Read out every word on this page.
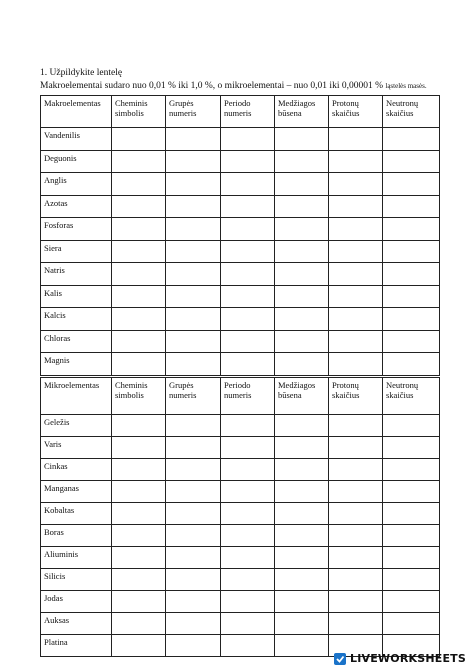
1. Užpildykite lentelę
Makroelementai sudaro nuo 0,01 % iki 1,0 %, o mikroelementai – nuo 0,01 iki 0,00001 % ląstelės masės.
Makroelementas	Cheminis simbolis	Grupės numeris	Periodo numeris	Medžiagos būsena	Protonų skaičius	Neutronų skaičius
Vandenilis						
Deguonis						
Anglis						
Azotas						
Fosforas						
Siera						
Natris						
Kalis						
Kalcis						
Chloras						
Magnis						
Mikroelementas	Cheminis simbolis	Grupės numeris	Periodo numeris	Medžiagos būsena	Protonų skaičius	Neutronų skaičius
Geležis						
Varis						
Cinkas						
Manganas						
Kobaltas						
Boras						
Aliuminis						
Silicis						
Jodas						
Auksas						
Platina						
LIVEWORKSHEETS
